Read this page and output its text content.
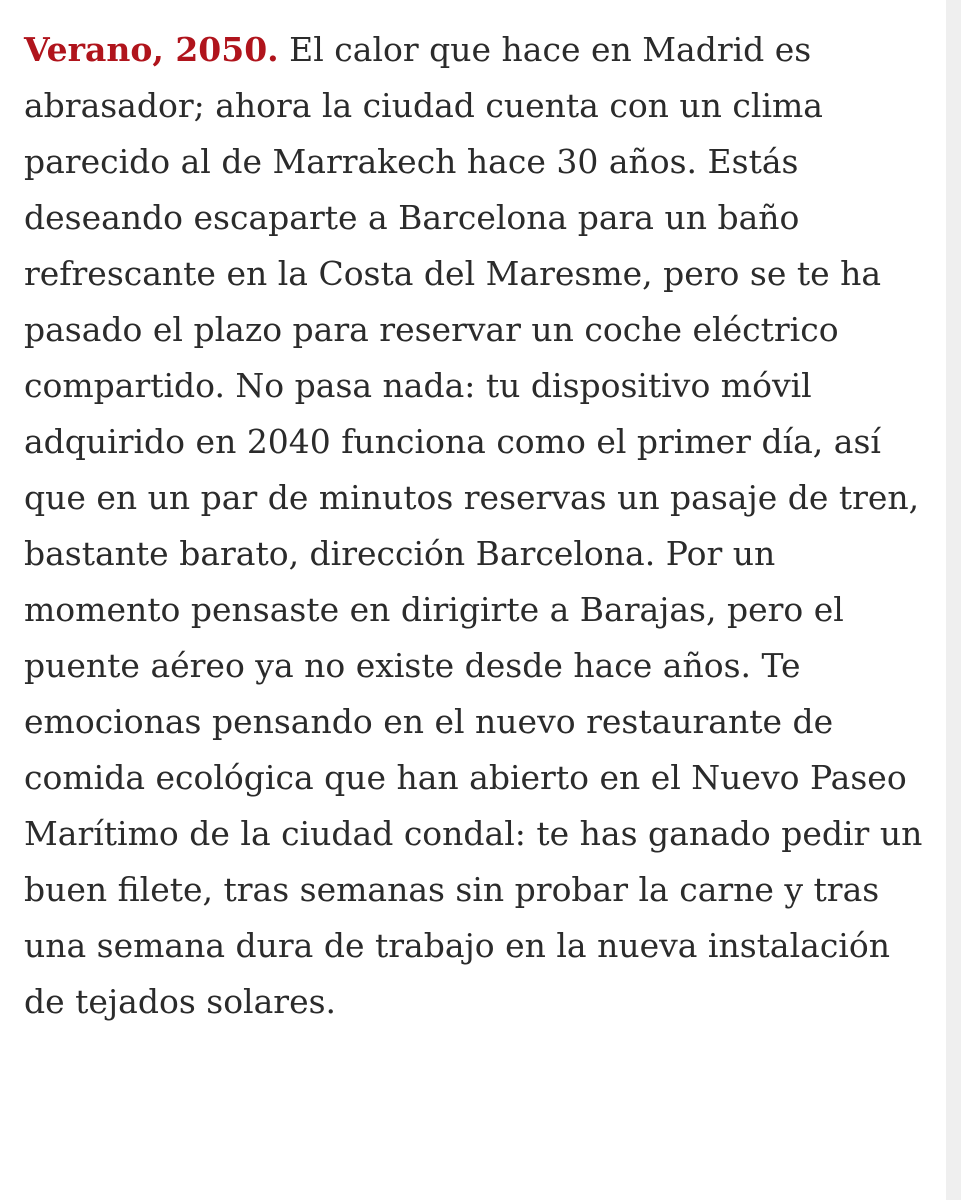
Verano, 2050. El calor que hace en Madrid es abrasador; ahora la ciudad cuenta con un clima parecido al de Marrakech hace 30 años. Estás deseando escaparte a Barcelona para un baño refrescante en la Costa del Maresme, pero se te ha pasado el plazo para reservar un coche eléctrico compartido. No pasa nada: tu dispositivo móvil adquirido en 2040 funciona como el primer día, así que en un par de minutos reservas un pasaje de tren, bastante barato, dirección Barcelona. Por un momento pensaste en dirigirte a Barajas, pero el puente aéreo ya no existe desde hace años. Te emocionas pensando en el nuevo restaurante de comida ecológica que han abierto en el Nuevo Paseo Marítimo de la ciudad condal: te has ganado pedir un buen filete, tras semanas sin probar la carne y tras una semana dura de trabajo en la nueva instalación de tejados solares.
